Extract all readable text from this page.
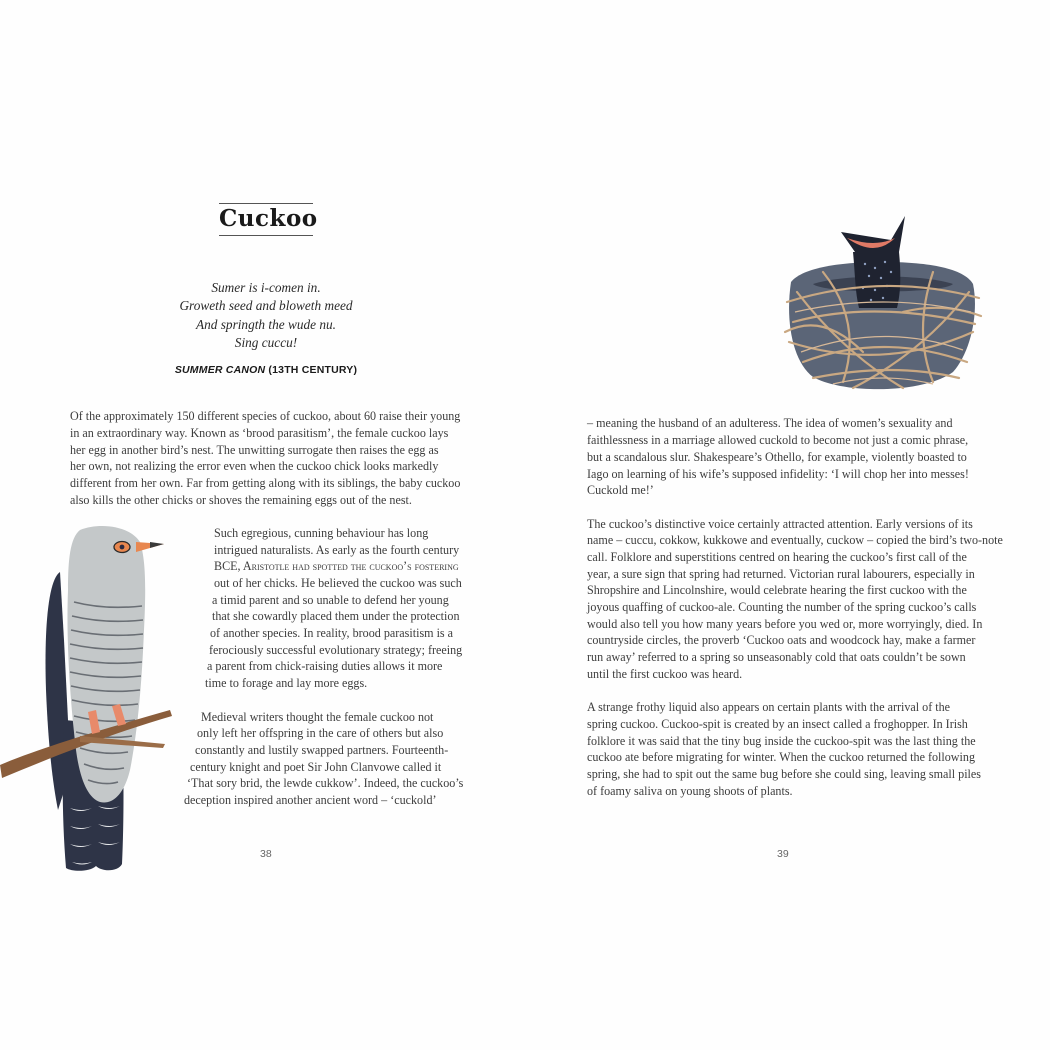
Cuckoo
Sumer is i-comen in.
Groweth seed and bloweth meed
And springth the wude nu.
Sing cuccu!
SUMMER CANON (13TH CENTURY)
Of the approximately 150 different species of cuckoo, about 60 raise their young
in an extraordinary way. Known as ‘brood parasitism’, the female cuckoo lays
her egg in another bird’s nest. The unwitting surrogate then raises the egg as
her own, not realizing the error even when the cuckoo chick looks markedly
different from her own. Far from getting along with its siblings, the baby cuckoo
also kills the other chicks or shoves the remaining eggs out of the nest.
Such egregious, cunning behaviour has long
intrigued naturalists. As early as the fourth century
BCE, Aristotle had spotted the cuckoo’s fostering
out of her chicks. He believed the cuckoo was such
a timid parent and so unable to defend her young
that she cowardly placed them under the protection
of another species. In reality, brood parasitism is a
ferociously successful evolutionary strategy; freeing
a parent from chick-raising duties allows it more
time to forage and lay more eggs.
Medieval writers thought the female cuckoo not
only left her offspring in the care of others but also
constantly and lustily swapped partners. Fourteenth-
century knight and poet Sir John Clanvowe called it
‘That sory brid, the lewde cukkow’. Indeed, the cuckoo’s
deception inspired another ancient word – ‘cuckold’
38
– meaning the husband of an adulteress. The idea of women’s sexuality and
faithlessness in a marriage allowed cuckold to become not just a comic phrase,
but a scandalous slur. Shakespeare’s Othello, for example, violently boasted to
Iago on learning of his wife’s supposed infidelity: ‘I will chop her into messes!
Cuckold me!’
The cuckoo’s distinctive voice certainly attracted attention. Early versions of its
name – cuccu, cokkow, kukkowe and eventually, cuckow – copied the bird’s two-note
call. Folklore and superstitions centred on hearing the cuckoo’s first call of the
year, a sure sign that spring had returned. Victorian rural labourers, especially in
Shropshire and Lincolnshire, would celebrate hearing the first cuckoo with the
joyous quaffing of cuckoo-ale. Counting the number of the spring cuckoo’s calls
would also tell you how many years before you wed or, more worryingly, died. In
countryside circles, the proverb ‘Cuckoo oats and woodcock hay, make a farmer
run away’ referred to a spring so unseasonably cold that oats couldn’t be sown
until the first cuckoo was heard.
A strange frothy liquid also appears on certain plants with the arrival of the
spring cuckoo. Cuckoo-spit is created by an insect called a froghopper. In Irish
folklore it was said that the tiny bug inside the cuckoo-spit was the last thing the
cuckoo ate before migrating for winter. When the cuckoo returned the following
spring, she had to spit out the same bug before she could sing, leaving small piles
of foamy saliva on young shoots of plants.
39
